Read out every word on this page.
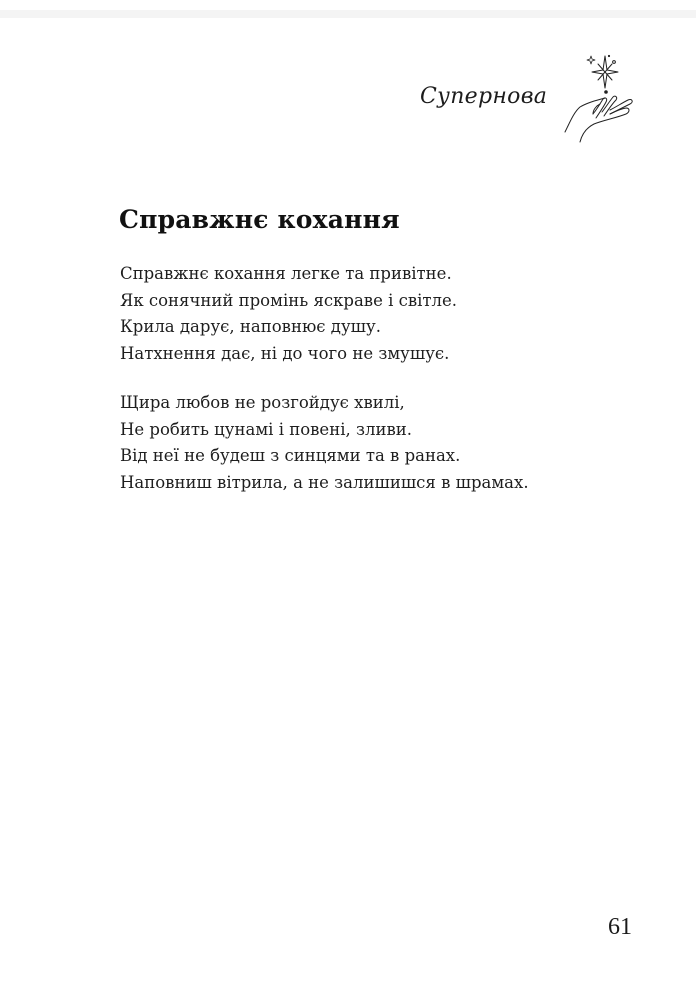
Супернова
Справжнє кохання
Справжнє кохання легке та привітне.
Як сонячний промінь яскраве і світле.
Крила дарує, наповнює душу.
Натхнення дає, ні до чого не змушує.
Щира любов не розгойдує хвилі,
Не робить цунамі і повені, зливи.
Від неї не будеш з синцями та в ранах.
Наповниш вітрила, а не залишишся в шрамах.
61
